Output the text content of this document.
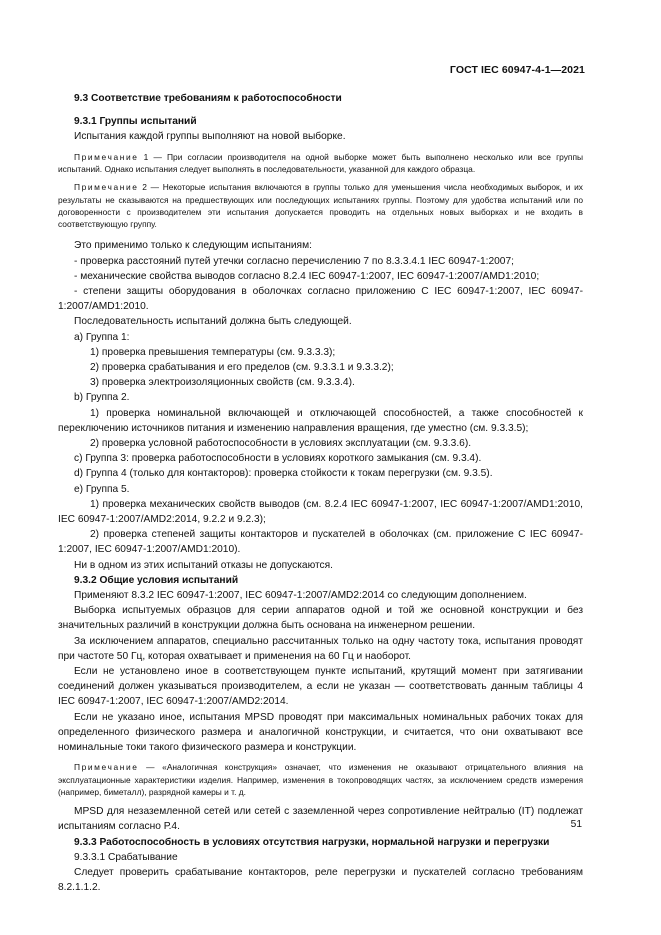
ГОСТ IEC 60947-4-1—2021

9.3 Соответствие требованиям к работоспособности

9.3.1 Группы испытаний

Испытания каждой группы выполняют на новой выборке.

Примечание 1 — При согласии производителя на одной выборке может быть выполнено несколько или все группы испытаний. Однако испытания следует выполнять в последовательности, указанной для каждого образца.

Примечание 2 — Некоторые испытания включаются в группы только для уменьшения числа необходимых выборок, и их результаты не сказываются на предшествующих или последующих испытаниях группы. Поэтому для удобства испытаний или по договоренности с производителем эти испытания допускается проводить на отдельных новых выборках и не входить в соответствующую группу.

Это применимо только к следующим испытаниям:

- проверка расстояний путей утечки согласно перечислению 7 по 8.3.3.4.1 IEC 60947-1:2007;

- механические свойства выводов согласно 8.2.4 IEC 60947-1:2007, IEC 60947-1:2007/AMD1:2010;

- степени защиты оборудования в оболочках согласно приложению С IEC 60947-1:2007, IEC 60947-1:2007/AMD1:2010.

Последовательность испытаний должна быть следующей.

a) Группа 1:

1) проверка превышения температуры (см. 9.3.3.3);

2) проверка срабатывания и его пределов (см. 9.3.3.1 и 9.3.3.2);

3) проверка электроизоляционных свойств (см. 9.3.3.4).

b) Группа 2.

1) проверка номинальной включающей и отключающей способностей, а также способностей к переключению источников питания и изменению направления вращения, где уместно (см. 9.3.3.5);

2) проверка условной работоспособности в условиях эксплуатации (см. 9.3.3.6).

c) Группа 3: проверка работоспособности в условиях короткого замыкания (см. 9.3.4).

d) Группа 4 (только для контакторов): проверка стойкости к токам перегрузки (см. 9.3.5).

e) Группа 5.

1) проверка механических свойств выводов (см. 8.2.4 IEC 60947-1:2007, IEC 60947-1:2007/AMD1:2010, IEC 60947-1:2007/AMD2:2014, 9.2.2 и 9.2.3);

2) проверка степеней защиты контакторов и пускателей в оболочках (см. приложение С IEC 60947-1:2007, IEC 60947-1:2007/AMD1:2010).

Ни в одном из этих испытаний отказы не допускаются.

9.3.2 Общие условия испытаний

Применяют 8.3.2 IEC 60947-1:2007, IEC 60947-1:2007/AMD2:2014 со следующим дополнением.

Выборка испытуемых образцов для серии аппаратов одной и той же основной конструкции и без значительных различий в конструкции должна быть основана на инженерном решении.

За исключением аппаратов, специально рассчитанных только на одну частоту тока, испытания проводят при частоте 50 Гц, которая охватывает и применения на 60 Гц и наоборот.

Если не установлено иное в соответствующем пункте испытаний, крутящий момент при затягивании соединений должен указываться производителем, а если не указан — соответствовать данным таблицы 4 IEC 60947-1:2007, IEC 60947-1:2007/AMD2:2014.

Если не указано иное, испытания MPSD проводят при максимальных номинальных рабочих токах для определенного физического размера и аналогичной конструкции, и считается, что они охватывают все номинальные токи такого физического размера и конструкции.

Примечание — «Аналогичная конструкция» означает, что изменения не оказывают отрицательного влияния на эксплуатационные характеристики изделия. Например, изменения в токопроводящих частях, за исключением средств измерения (например, биметалл), разрядной камеры и т. д.

MPSD для незаземленной сетей или сетей с заземленной через сопротивление нейтралью (IT) подлежат испытаниям согласно Р.4.

9.3.3 Работоспособность в условиях отсутствия нагрузки, нормальной нагрузки и перегрузки

9.3.3.1 Срабатывание

Следует проверить срабатывание контакторов, реле перегрузки и пускателей согласно требованиям 8.2.1.1.2.

51
